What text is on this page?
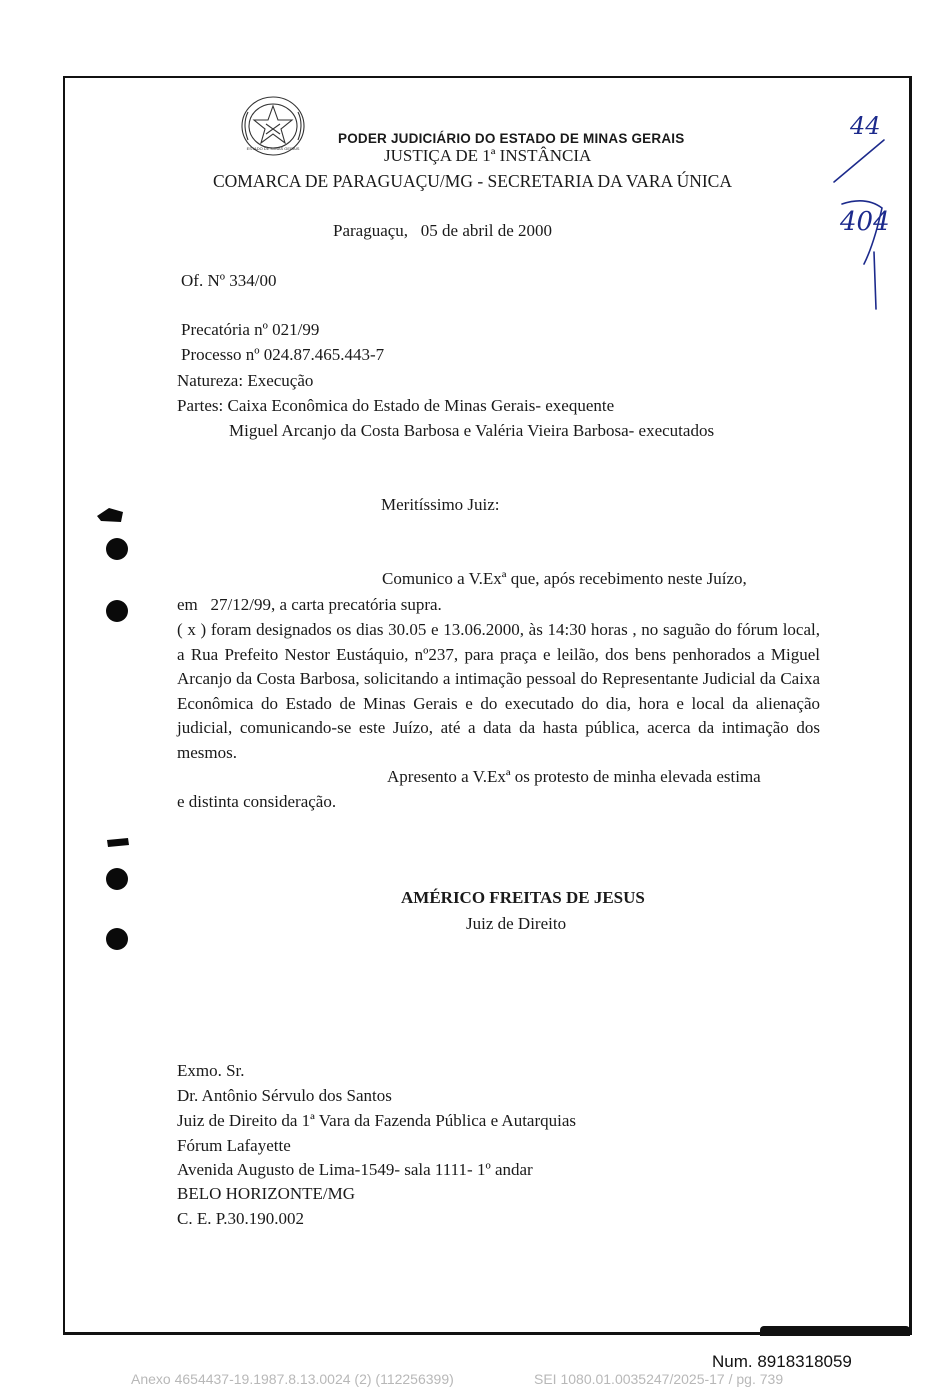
ESTADO DE MINAS GERAIS
PODER JUDICIÁRIO DO ESTADO DE MINAS GERAIS
JUSTIÇA DE 1ª INSTÂNCIA
COMARCA DE PARAGUAÇU/MG - SECRETARIA DA VARA ÚNICA
Paraguaçu,   05 de abril de 2000
Of. Nº 334/00
Precatória nº 021/99
Processo nº 024.87.465.443-7
Natureza: Execução
Partes: Caixa Econômica do Estado de Minas Gerais- exequente
Miguel Arcanjo da Costa Barbosa e Valéria Vieira Barbosa- executados
Meritíssimo Juiz:
Comunico a V.Exª que, após recebimento neste Juízo,
em   27/12/99, a carta precatória supra.
( x ) foram designados os dias 30.05 e 13.06.2000, às 14:30 horas , no saguão do fórum local, a Rua Prefeito Nestor Eustáquio, nº237, para praça e leilão, dos bens penhorados a Miguel Arcanjo da Costa Barbosa, solicitando a intimação pessoal do Representante Judicial da Caixa Econômica do Estado de Minas Gerais e do executado do dia, hora e local da alienação judicial, comunicando-se este Juízo, até a data da hasta pública, acerca da intimação dos mesmos.
Apresento a V.Exª os protesto de minha elevada estima
e distinta consideração.
AMÉRICO FREITAS DE JESUS
Juiz de Direito
Exmo. Sr.
Dr. Antônio Sérvulo dos Santos
Juiz de Direito da 1ª Vara da Fazenda Pública e Autarquias
Fórum Lafayette
Avenida Augusto de Lima-1549- sala 1111- 1º andar
BELO HORIZONTE/MG
C. E. P.30.190.002
44
404
Num. 8918318059
Anexo 4654437-19.1987.8.13.0024 (2) (112256399)	SEI 1080.01.0035247/2025-17 / pg. 739
